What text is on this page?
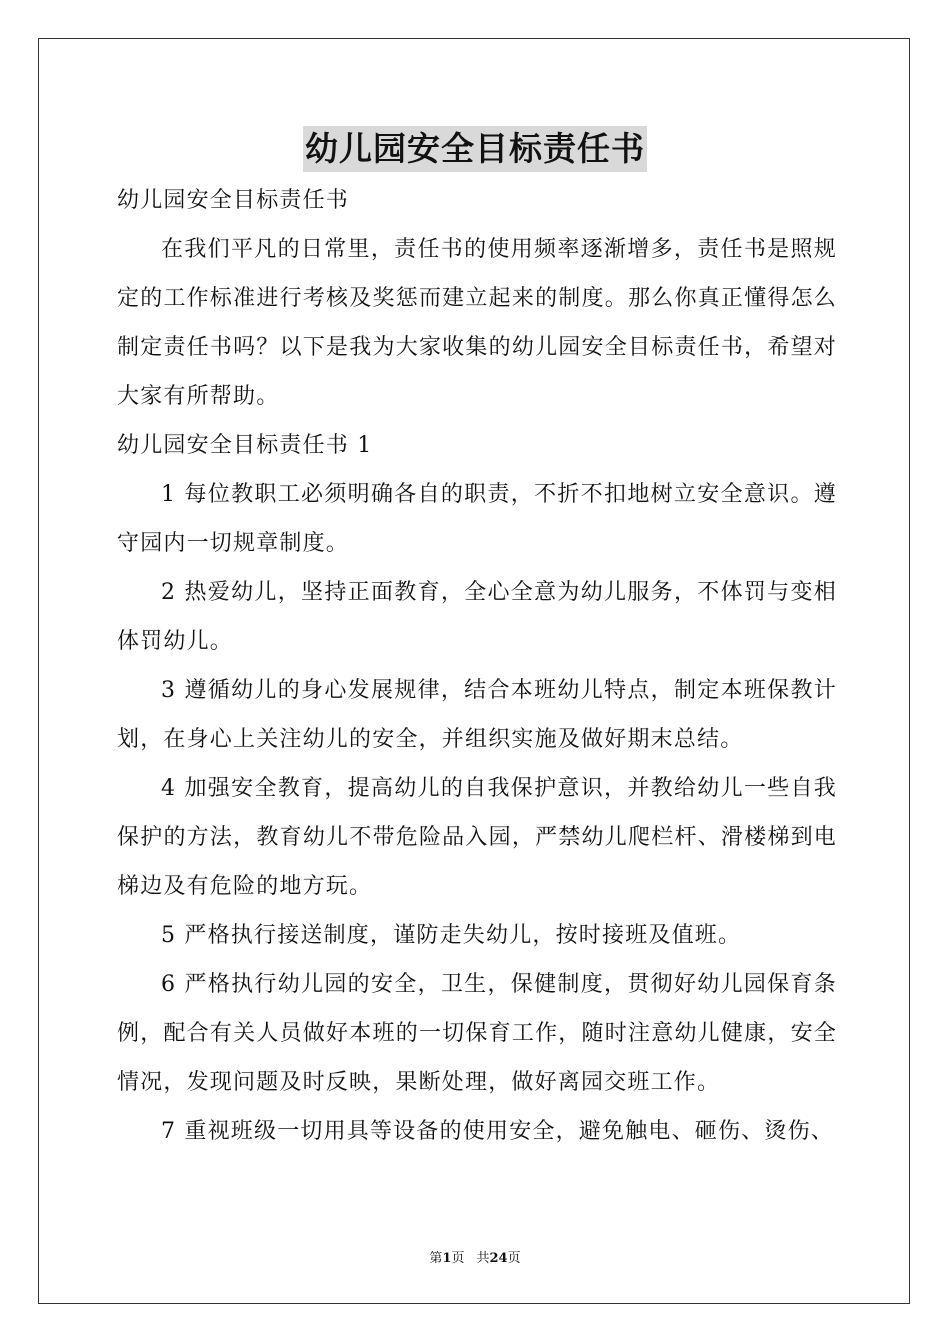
幼儿园安全目标责任书

幼儿园安全目标责任书

在我们平凡的日常里，责任书的使用频率逐渐增多，责任书是照规定的工作标准进行考核及奖惩而建立起来的制度。那么你真正懂得怎么制定责任书吗？以下是我为大家收集的幼儿园安全目标责任书，希望对大家有所帮助。

幼儿园安全目标责任书 1

1 每位教职工必须明确各自的职责，不折不扣地树立安全意识。遵守园内一切规章制度。

2 热爱幼儿，坚持正面教育，全心全意为幼儿服务，不体罚与变相体罚幼儿。

3 遵循幼儿的身心发展规律，结合本班幼儿特点，制定本班保教计划，在身心上关注幼儿的安全，并组织实施及做好期末总结。

4 加强安全教育，提高幼儿的自我保护意识，并教给幼儿一些自我保护的方法，教育幼儿不带危险品入园，严禁幼儿爬栏杆、滑楼梯到电梯边及有危险的地方玩。

5 严格执行接送制度，谨防走失幼儿，按时接班及值班。

6 严格执行幼儿园的安全，卫生，保健制度，贯彻好幼儿园保育条例，配合有关人员做好本班的一切保育工作，随时注意幼儿健康，安全情况，发现问题及时反映，果断处理，做好离园交班工作。

7 重视班级一切用具等设备的使用安全，避免触电、砸伤、烫伤、

第1页 共24页
